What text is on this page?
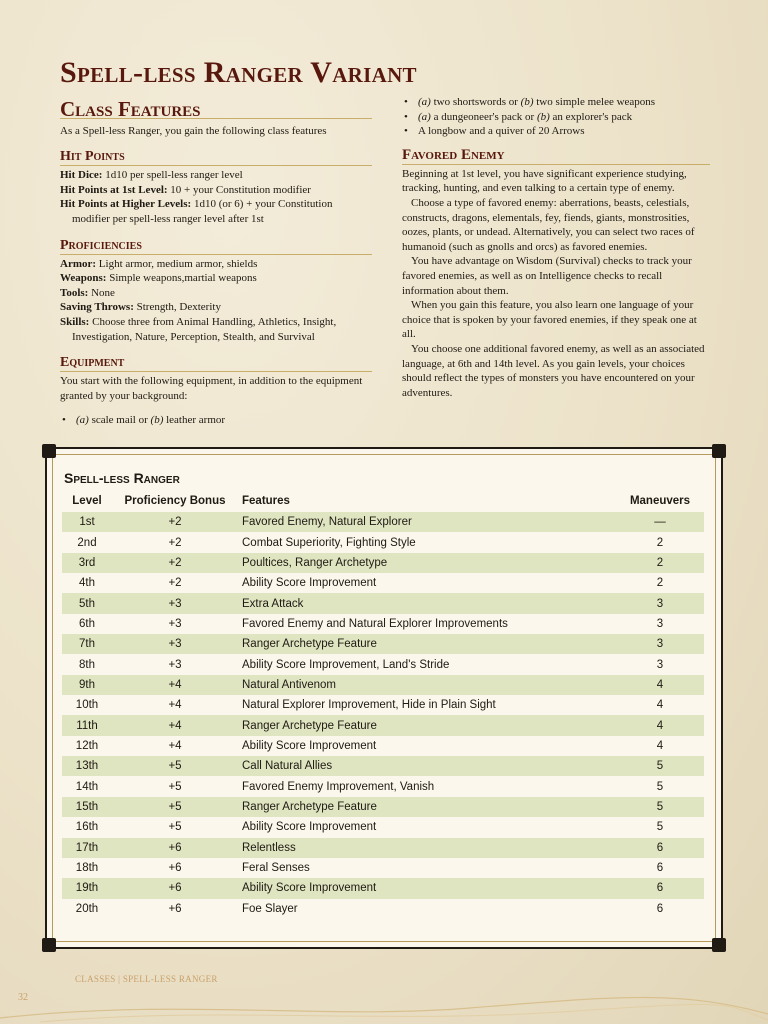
Spell-less Ranger Variant
Class Features

As a Spell-less Ranger, you gain the following class features

Hit Points

Hit Dice: 1d10 per spell-less ranger level

Hit Points at 1st Level: 10 + your Constitution modifier

Hit Points at Higher Levels: 1d10 (or 6) + your Constitution modifier per spell-less ranger level after 1st

Proficiencies

Armor: Light armor, medium armor, shields

Weapons: Simple weapons,martial weapons

Tools: None

Saving Throws: Strength, Dexterity

Skills: Choose three from Animal Handling, Athletics, Insight, Investigation, Nature, Perception, Stealth, and Survival

Equipment

You start with the following equipment, in addition to the equipment granted by your background:

• (a) scale mail or (b) leather armor
• (a) two shortswords or (b) two simple melee weapons
• (a) a dungeoneer's pack or (b) an explorer's pack
• A longbow and a quiver of 20 Arrows
Favored Enemy

Beginning at 1st level, you have significant experience studying, tracking, hunting, and even talking to a certain type of enemy.

Choose a type of favored enemy: aberrations, beasts, celestials, constructs, dragons, elementals, fey, fiends, giants, monstrosities, oozes, plants, or undead. Alternatively, you can select two races of humanoid (such as gnolls and orcs) as favored enemies.

You have advantage on Wisdom (Survival) checks to track your favored enemies, as well as on Intelligence checks to recall information about them.

When you gain this feature, you also learn one language of your choice that is spoken by your favored enemies, if they speak one at all.

You choose one additional favored enemy, as well as an associated language, at 6th and 14th level. As you gain levels, your choices should reflect the types of monsters you have encountered on your adventures.

Spell-less Ranger
Level	Proficiency Bonus	Features	Maneuvers
1st	+2	Favored Enemy, Natural Explorer	—
2nd	+2	Combat Superiority, Fighting Style	2
3rd	+2	Poultices, Ranger Archetype	2
4th	+2	Ability Score Improvement	2
5th	+3	Extra Attack	3
6th	+3	Favored Enemy and Natural Explorer Improvements	3
7th	+3	Ranger Archetype Feature	3
8th	+3	Ability Score Improvement, Land's Stride	3
9th	+4	Natural Antivenom	4
10th	+4	Natural Explorer Improvement, Hide in Plain Sight	4
11th	+4	Ranger Archetype Feature	4
12th	+4	Ability Score Improvement	4
13th	+5	Call Natural Allies	5
14th	+5	Favored Enemy Improvement, Vanish	5
15th	+5	Ranger Archetype Feature	5
16th	+5	Ability Score Improvement	5
17th	+6	Relentless	6
18th	+6	Feral Senses	6
19th	+6	Ability Score Improvement	6
20th	+6	Foe Slayer	6
CLASSES | SPELL-LESS RANGER
32
